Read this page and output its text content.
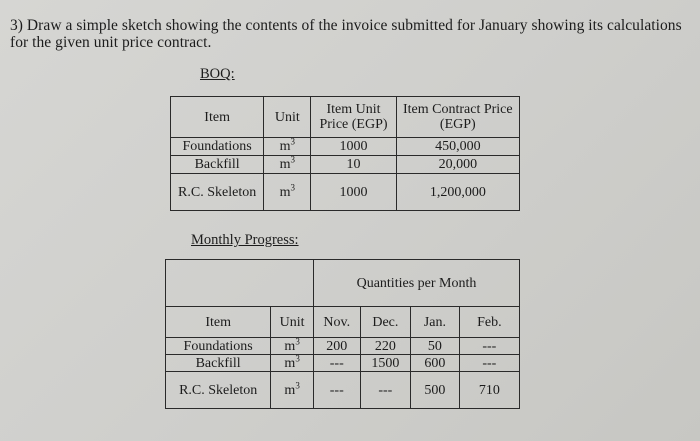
3) Draw a simple sketch showing the contents of the invoice submitted for January showing its calculations for the given unit price contract.
BOQ:
Item	Unit	Item Unit Price (EGP)	Item Contract Price (EGP)
Foundations	$m^3$	1000	450,000
Backfill	$m^3$	10	20,000
R.C. Skeleton	$m^3$	1000	1,200,000
Monthly Progress:
		Quantities per Month			
Item	Unit	Nov.	Dec.	Jan.	Feb.
Foundations	$m^3$	200	220	50	---
Backfill	$m^3$	---	1500	600	---
R.C. Skeleton	$m^3$	---	---	500	710
